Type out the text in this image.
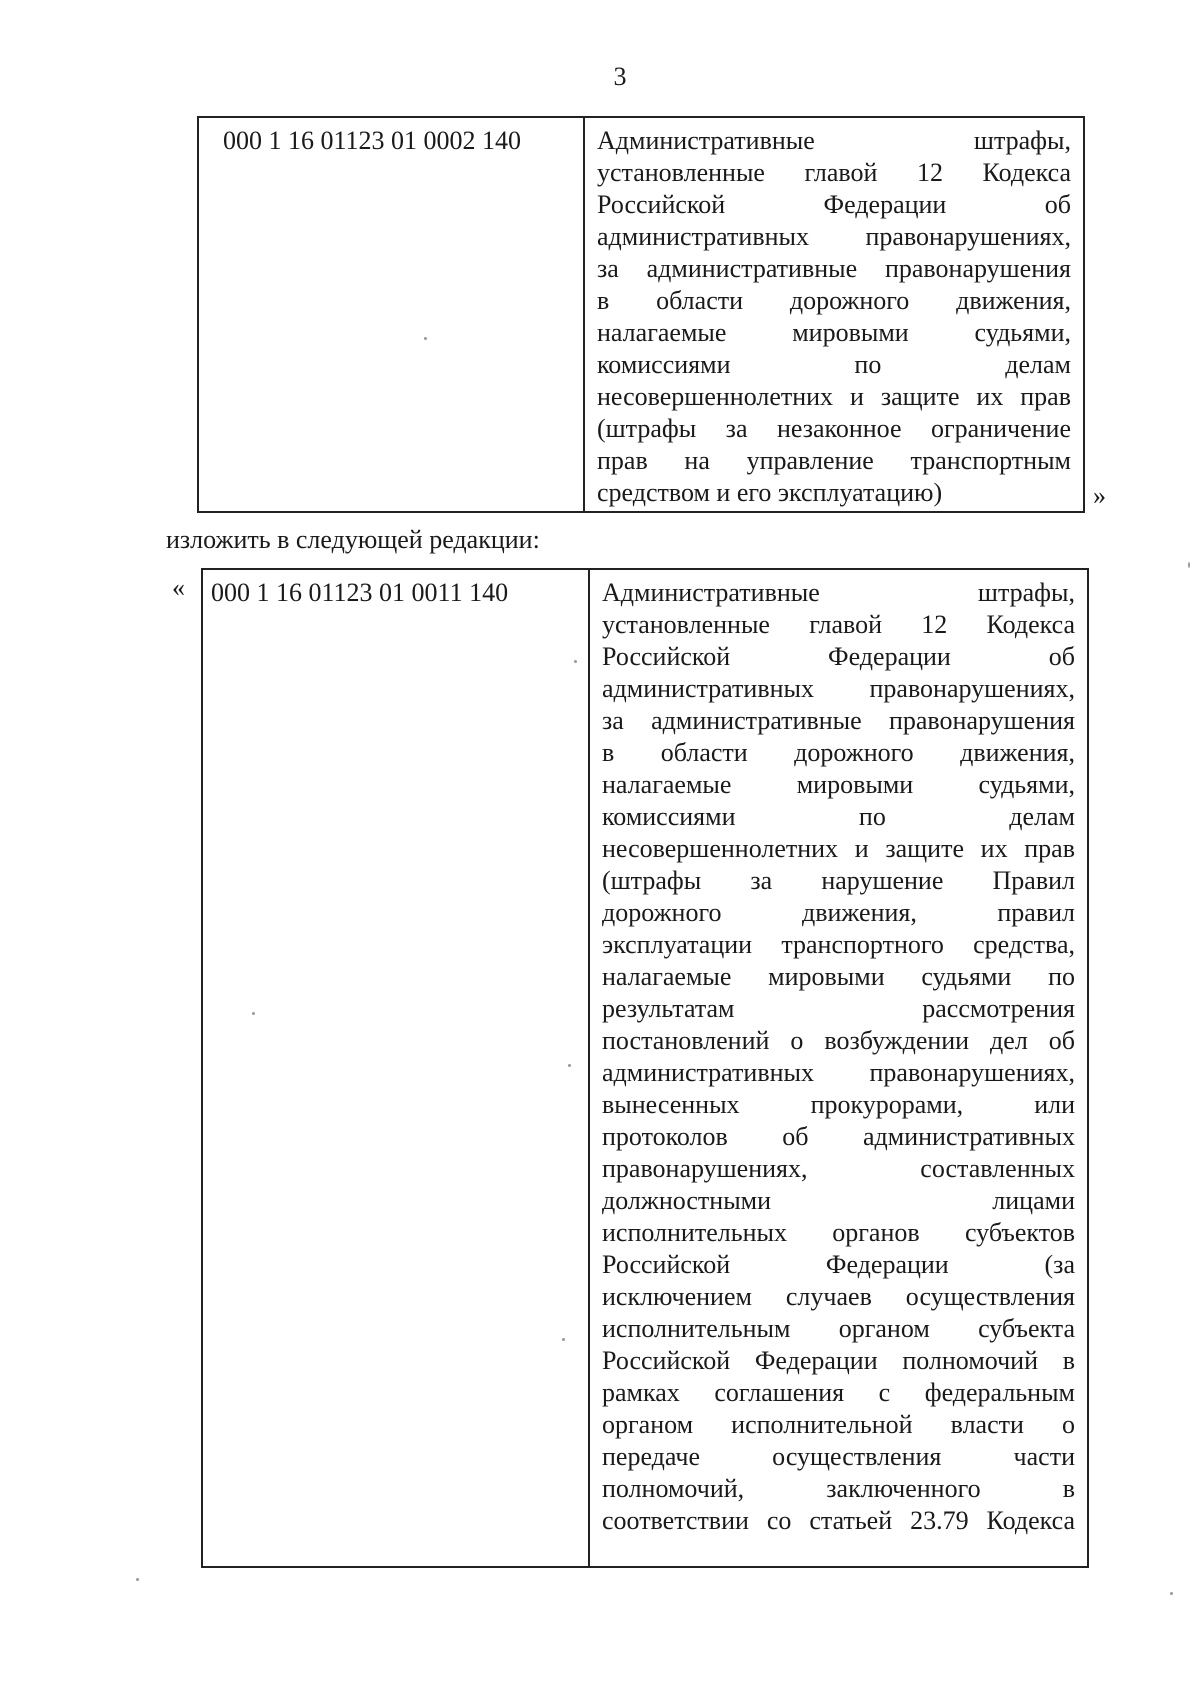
3
000 1 16 01123 01 0002 140	Административные штрафы,
установленные главой 12 Кодекса
Российской Федерации об
административных правонарушениях,
за административные правонарушения
в области дорожного движения,
налагаемые мировыми судьями,
комиссиями по делам
несовершеннолетних и защите их прав
(штрафы за незаконное ограничение
прав на управление транспортным
средством и его эксплуатацию)	»
изложить в следующей редакции:
«	000 1 16 01123 01 0011 140	Административные штрафы,
установленные главой 12 Кодекса
Российской Федерации об
административных правонарушениях,
за административные правонарушения
в области дорожного движения,
налагаемые мировыми судьями,
комиссиями по делам
несовершеннолетних и защите их прав
(штрафы за нарушение Правил
дорожного движения, правил
эксплуатации транспортного средства,
налагаемые мировыми судьями по
результатам рассмотрения
постановлений о возбуждении дел об
административных правонарушениях,
вынесенных прокурорами, или
протоколов об административных
правонарушениях, составленных
должностными лицами
исполнительных органов субъектов
Российской Федерации (за
исключением случаев осуществления
исполнительным органом субъекта
Российской Федерации полномочий в
рамках соглашения с федеральным
органом исполнительной власти о
передаче осуществления части
полномочий, заключенного в
соответствии со статьей 23.79 Кодекса
